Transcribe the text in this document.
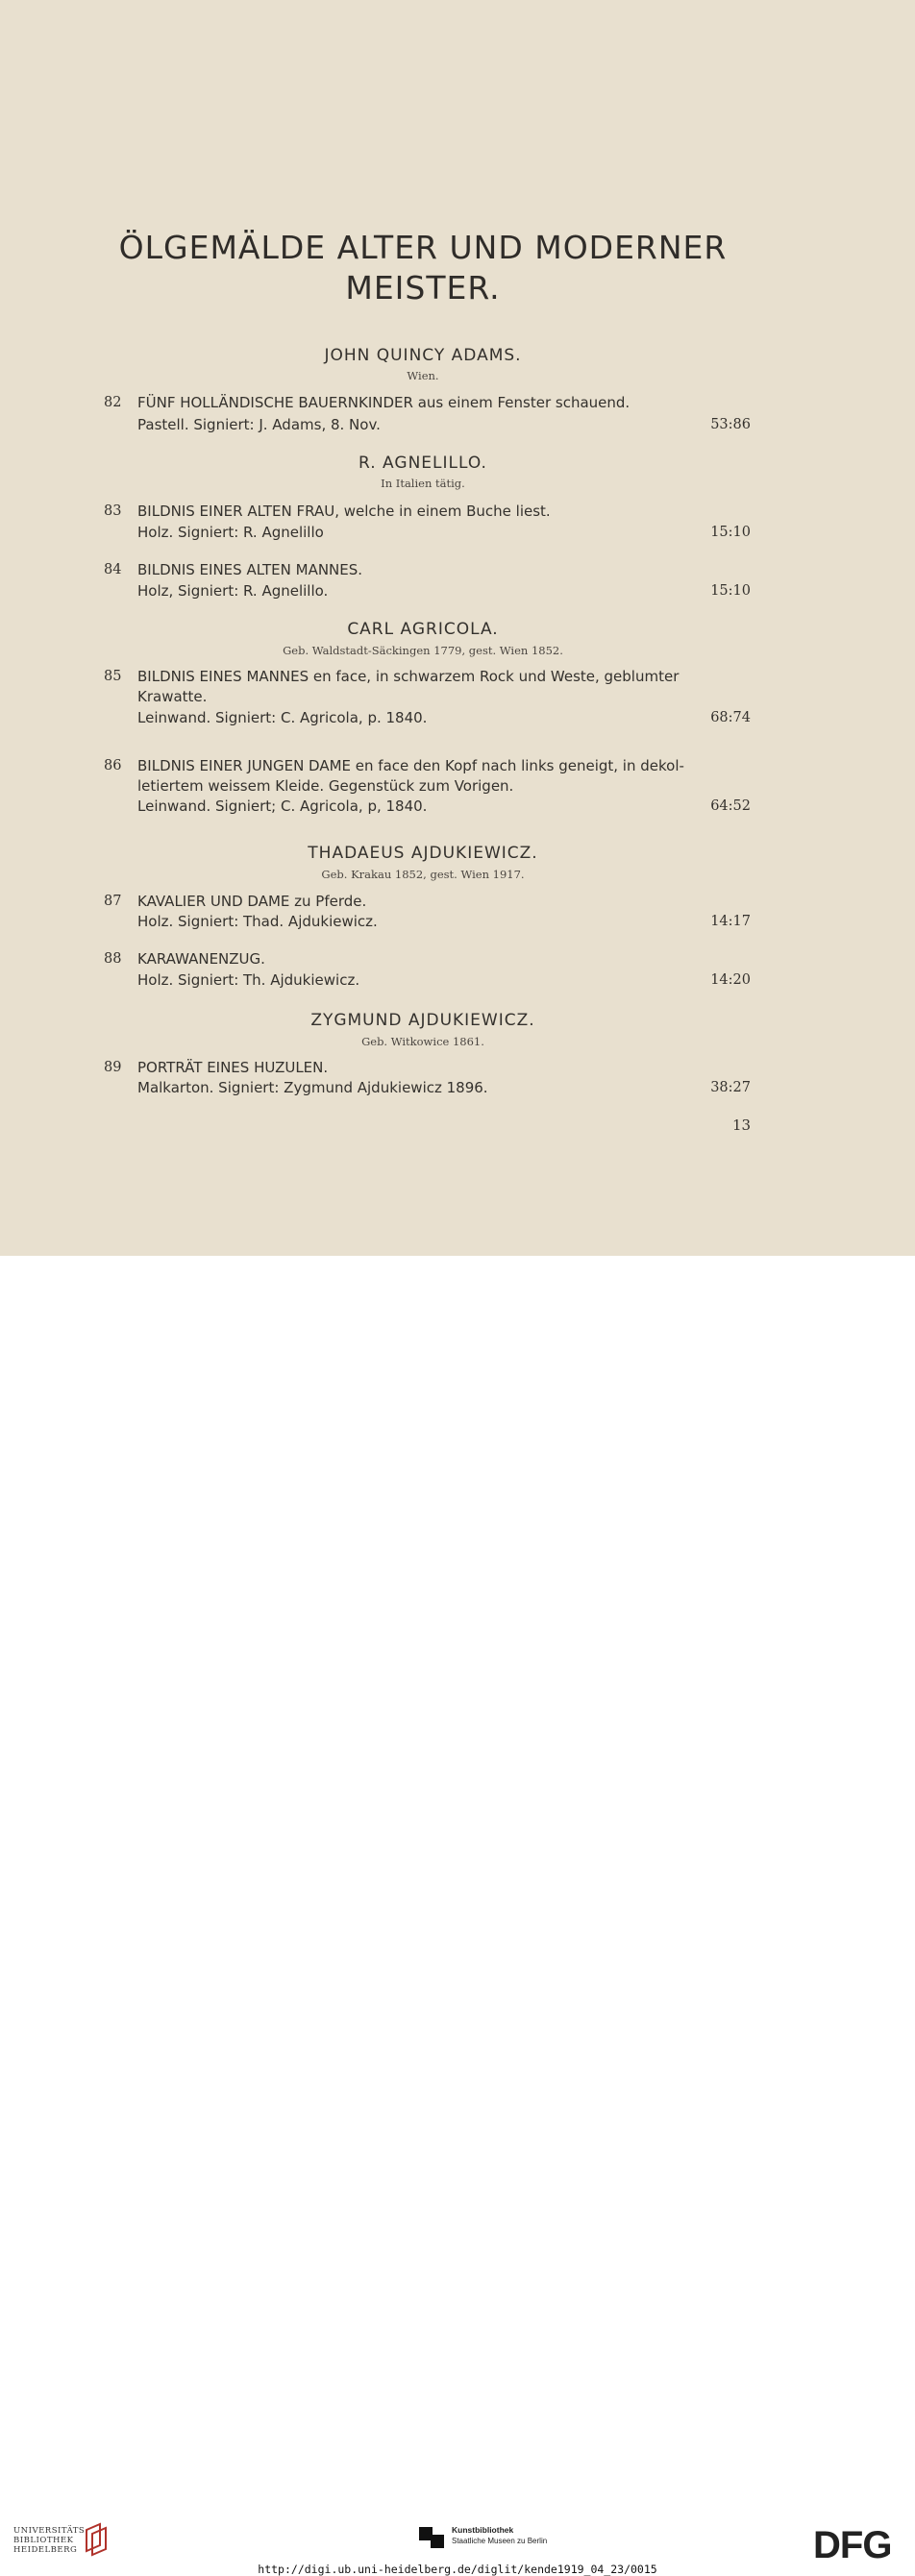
ÖLGEMÄLDE ALTER UND MODERNER
MEISTER.
JOHN QUINCY ADAMS.
Wien.
82 FÜNF HOLLÄNDISCHE BAUERNKINDER aus einem Fenster schauend.
Pastell. Signiert: J. Adams, 8. Nov.	53:86
R. AGNELILLO.
In Italien tätig.
83 BILDNIS EINER ALTEN FRAU, welche in einem Buche liest.
Holz. Signiert: R. Agnelillo	15:10
84 BILDNIS EINES ALTEN MANNES.
Holz, Signiert: R. Agnelillo.	15:10
CARL AGRICOLA.
Geb. Waldstadt-Säckingen 1779, gest. Wien 1852.
85 BILDNIS EINES MANNES en face, in schwarzem Rock und Weste, geblumter
Krawatte.
Leinwand. Signiert: C. Agricola, p. 1840.	68:74
86 BILDNIS EINER JUNGEN DAME en face den Kopf nach links geneigt, in dekol-
letiertem weissem Kleide. Gegenstück zum Vorigen.
Leinwand. Signiert; C. Agricola, p, 1840.	64:52
THADAEUS AJDUKIEWICZ.
Geb. Krakau 1852, gest. Wien 1917.
87 KAVALIER UND DAME zu Pferde.
Holz. Signiert: Thad. Ajdukiewicz.	14:17
88 KARAWANENZUG.
Holz. Signiert: Th. Ajdukiewicz.	14:20
ZYGMUND AJDUKIEWICZ.
Geb. Witkowice 1861.
89 PORTRÄT EINES HUZULEN.
Malkarton. Signiert: Zygmund Ajdukiewicz 1896.	38:27
13
UNIVERSITÄTS-
BIBLIOTHEK
HEIDELBERG
Kunstbibliothek
Staatliche Museen zu Berlin	DFG
http://digi.ub.uni-heidelberg.de/diglit/kende1919_04_23/0015
